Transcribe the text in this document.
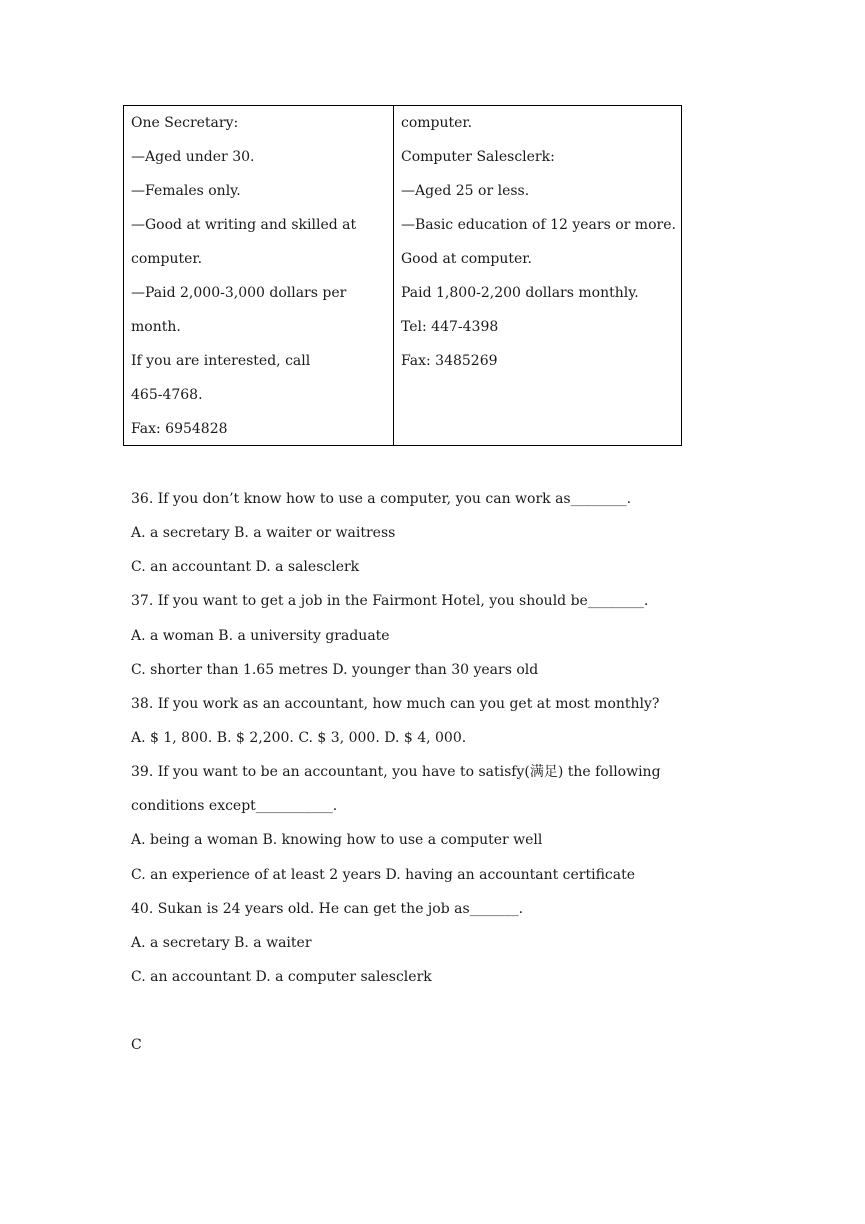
One Secretary:
—Aged under 30.
—Females only.
—Good at writing and skilled at
computer.
—Paid 2,000-3,000 dollars per
month.
If you are interested, call
465-4768.
Fax: 6954828
computer.
Computer Salesclerk:
—Aged 25 or less.
—Basic education of 12 years or more.
Good at computer.
Paid 1,800-2,200 dollars monthly.
Tel: 447-4398
Fax: 3485269
36. If you don’t know how to use a computer, you can work as________.
A. a secretary B. a waiter or waitress
C. an accountant D. a salesclerk
37. If you want to get a job in the Fairmont Hotel, you should be________.
A. a woman B. a university graduate
C. shorter than 1.65 metres D. younger than 30 years old
38. If you work as an accountant, how much can you get at most monthly?
A. $ 1, 800. B. $ 2,200. C. $ 3, 000. D. $ 4, 000.
39. If you want to be an accountant, you have to satisfy(满足) the following
conditions except___________.
A. being a woman B. knowing how to use a computer well
C. an experience of at least 2 years D. having an accountant certificate
40. Sukan is 24 years old. He can get the job as_______.
A. a secretary B. a waiter
C. an accountant D. a computer salesclerk
C
